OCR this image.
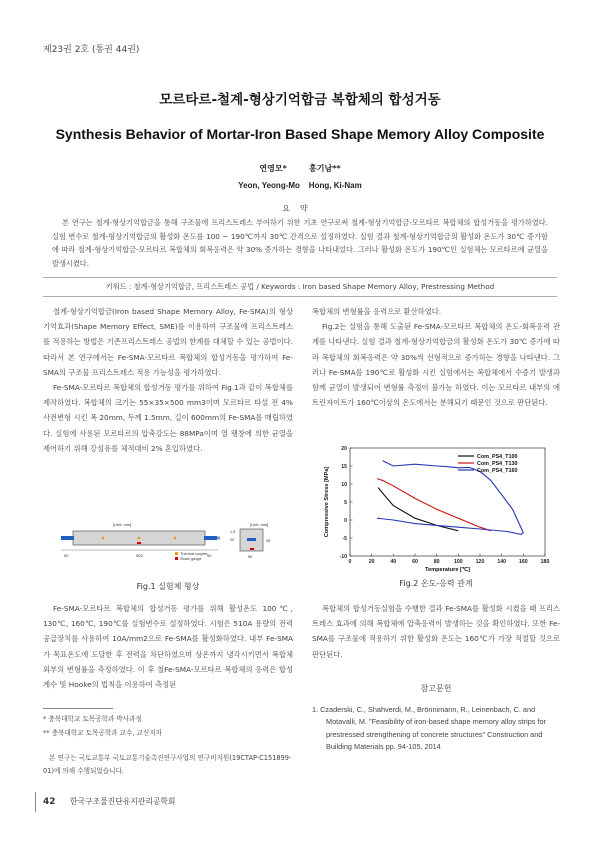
제23권 2호 (통권 44권)
모르타르-철계-형상기억합금 복합체의 합성거동
Synthesis Behavior of Mortar-Iron Based Shape Memory Alloy Composite
연영모*        홍기남**
Yeon, Yeong-Mo    Hong, Ki-Nam
요약
본 연구는 철계-형상기억합금을 통해 구조물에 프리스트레스 부여하기 위한 기초 연구로써 철계-형상기억합금-모르타르 복합체의 합성거동을 평가하였다. 실험 변수로 철계-형상기억합금의 활성화 온도를 100 ~ 190℃까지 30℃ 간격으로 설정하였다. 실험 결과 철계-형상기억합금의 활성화 온도가 30℃ 증가함에 따라 철계-형상기억합금-모르타르 복합체의 회복응력은 약 30% 증가하는 경향을 나타내었다. 그러나 활성화 온도가 190℃인 실험체는 모르타르에 균열을 발생시켰다.
키워드 : 철계-형상기억합금, 프리스트레스 공법 / Keywords : Iron based Shape Memory Alloy, Prestressing Method

철계-형상기억합금(Iron based Shape Memory Alloy, Fe-SMA)의 형상기억효과(Shape Memory Effect, SME)를 이용하여 구조물에 프리스트레스를 적용하는 방법은 기존프리스트레스 공법의 한계를 대체할 수 있는 공법이다. 따라서 본 연구에서는 Fe-SMA-모르타르 복합체의 합성거동을 평가하여 Fe-SMA의 구조물 프리스트레스 적용 가능성을 평가하였다.

Fe-SMA-모르타르 복합체의 합성거동 평가를 위하여 Fig.1과 같이 복합체를 제작하였다. 복합체의 크기는 55×35×500 mm3이며 모르타르 타설 전 4% 사전변형 시킨 폭 20mm, 두께 1.5mm, 길이 600mm의 Fe-SMA를 매립하였다. 실험에 사용된 모르타르의 압축강도는 88MPa이며 열 팽창에 의한 균열을 제어하기 위해 강섬유를 체적대비 2% 혼입하였다.

[Unit: mm]
50	500	50
Thermal coupler
Strain gauge
[Unit: mm]
1.5
20
55
35
Fig.1 실험체 형상

Fe-SMA-모르타르 복합체의 합성거동 평가를 위해 활성온도 100℃, 130℃, 160℃, 190℃를 실험변수로 설정하였다. 시험은 510A 용량의 전력공급장치를 사용하여 10A/mm2으로 Fe-SMA를 활성화하였다. 내부 Fe-SMA가 목표온도에 도달한 후 전력을 차단하였으며 상온까지 냉각시키면서 복합체 외부의 변형률을 측정하였다. 이 후 철Fe-SMA-모르타르 복합체의 응력은 합성계수 및 Hooke의 법칙을 이용하여 측정된

* 충북대학교 토목공학과 박사과정
** 충북대학교 토목공학과 교수, 교신저자
본 연구는 국토교통부 국토교통기술촉진연구사업의 연구비지원(19CTAP-C151899-01)에 의해 수행되었습니다.

복합체의 변형률을 응력으로 환산하였다.

Fig.2는 실험을 통해 도출된 Fe-SMA-모르타르 복합체의 온도-회복응력 관계를 나타낸다. 실험 결과 철계-형상기억합금의 활성화 온도가 30℃ 증가에 따라 복합체의 회복응력은 약 30%씩 선형적으로 증가하는 경향을 나타낸다. 그러나 Fe-SMA를 190℃로 활성화 시킨 실험에서는 복합체에서 수증기 발생과 함께 균열이 발생되어 변형률 측정이 불가능 하였다. 이는 모르타르 내부의 에트린자이트가 160℃이상의 온도에서는 분해되기 때문인 것으로 판단된다.

-10
-5
0
5
10
15
20
0	20	40	60	80	100	120	140	160	180
Temperature [℃]
Compressive Stress [MPa]
Com_PS4_T100
Com_PS4_T130
Com_PS4_T160
Fig.2 온도-응력 관계

복합체의 합성거동실험을 수행한 결과 Fe-SMA를 활성화 시켰을 때 프리스트레스 효과에 의해 복합체에 압축응력이 발생하는 것을 확인하였다. 또한 Fe-SMA를 구조물에 적용하기 위한 활성화 온도는 160℃가 가장 적절할 것으로 판단된다.

참고문헌
1. Czaderski, C., Shahverdi, M., Brönnimann, R., Leinenbach, C. and Motavalli, M. "Feasibility of iron-based shape memory alloy strips for prestressed strengthening of concrete structures" Construction and Building Materials pp. 94-105, 2014
42 한국구조물진단유지관리공학회
